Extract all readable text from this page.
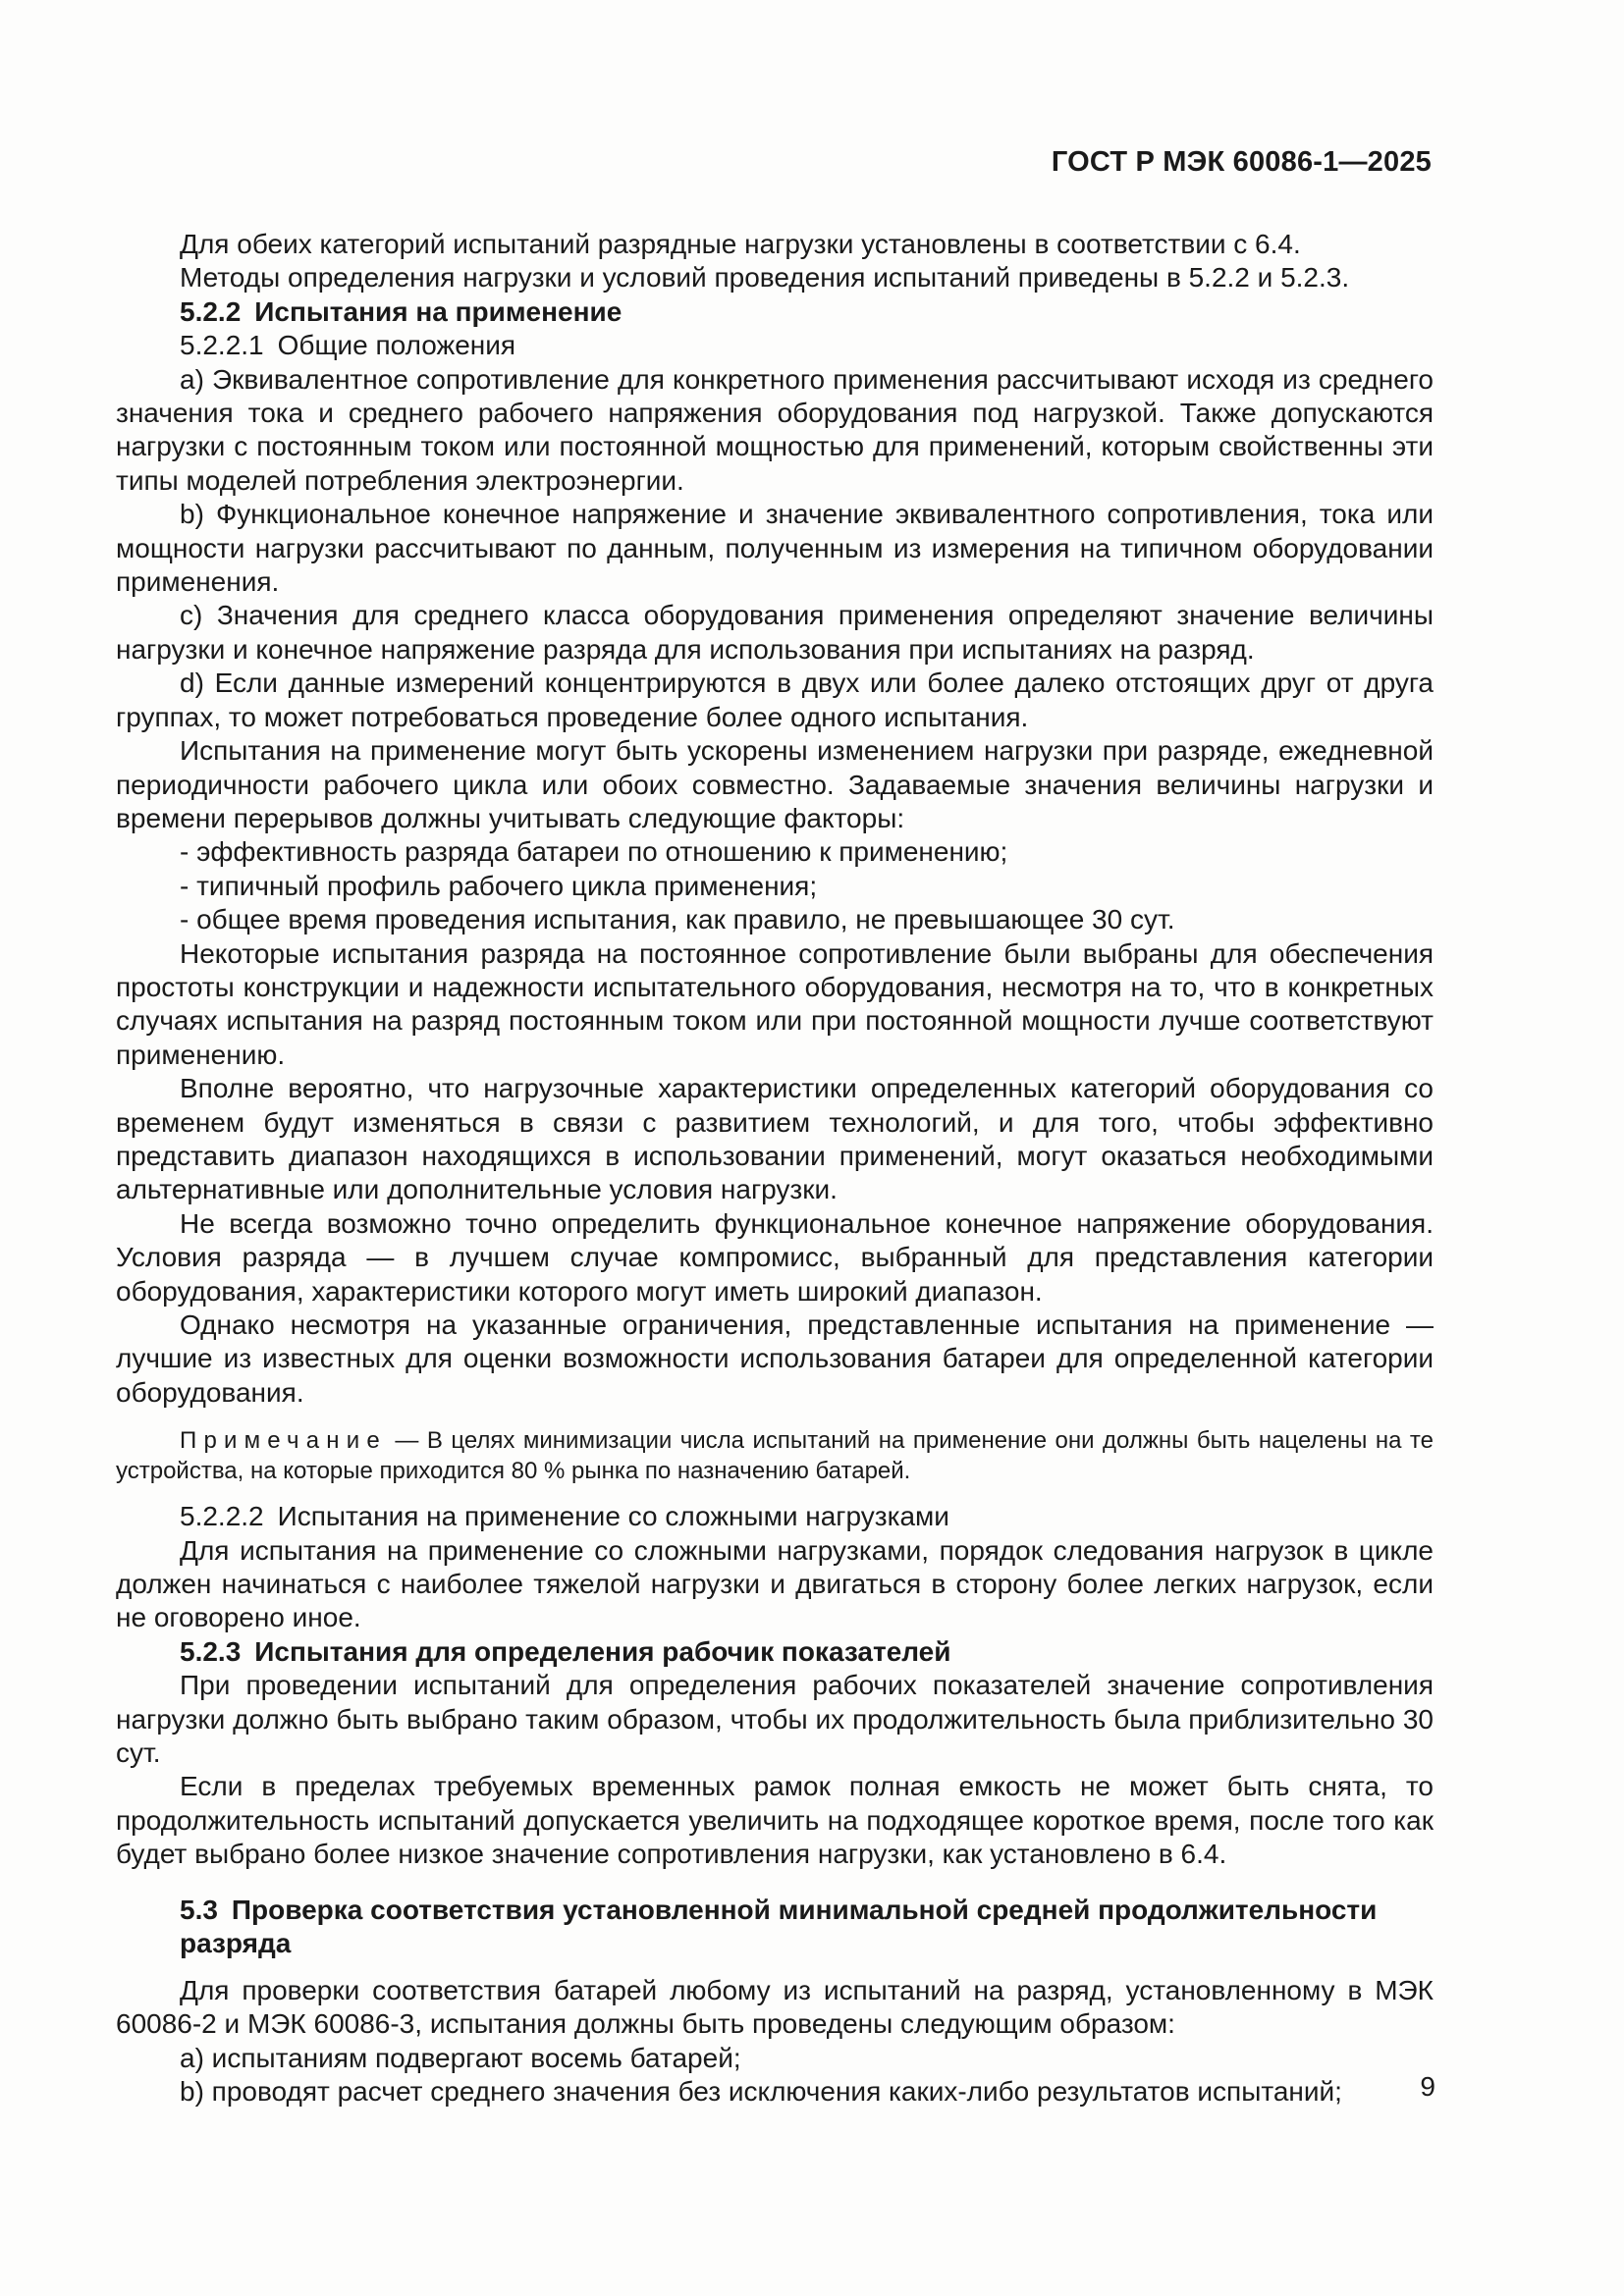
ГОСТ Р МЭК 60086-1—2025

Для обеих категорий испытаний разрядные нагрузки установлены в соответствии с 6.4.

Методы определения нагрузки и условий проведения испытаний приведены в 5.2.2 и 5.2.3.

5.2.2 Испытания на применение

5.2.2.1 Общие положения

a) Эквивалентное сопротивление для конкретного применения рассчитывают исходя из среднего значения тока и среднего рабочего напряжения оборудования под нагрузкой. Также допускаются нагрузки с постоянным током или постоянной мощностью для применений, которым свойственны эти типы моделей потребления электроэнергии.

b) Функциональное конечное напряжение и значение эквивалентного сопротивления, тока или мощности нагрузки рассчитывают по данным, полученным из измерения на типичном оборудовании применения.

c) Значения для среднего класса оборудования применения определяют значение величины нагрузки и конечное напряжение разряда для использования при испытаниях на разряд.

d) Если данные измерений концентрируются в двух или более далеко отстоящих друг от друга группах, то может потребоваться проведение более одного испытания.

Испытания на применение могут быть ускорены изменением нагрузки при разряде, ежедневной периодичности рабочего цикла или обоих совместно. Задаваемые значения величины нагрузки и времени перерывов должны учитывать следующие факторы:

- эффективность разряда батареи по отношению к применению;

- типичный профиль рабочего цикла применения;

- общее время проведения испытания, как правило, не превышающее 30 сут.

Некоторые испытания разряда на постоянное сопротивление были выбраны для обеспечения простоты конструкции и надежности испытательного оборудования, несмотря на то, что в конкретных случаях испытания на разряд постоянным током или при постоянной мощности лучше соответствуют применению.

Вполне вероятно, что нагрузочные характеристики определенных категорий оборудования со временем будут изменяться в связи с развитием технологий, и для того, чтобы эффективно представить диапазон находящихся в использовании применений, могут оказаться необходимыми альтернативные или дополнительные условия нагрузки.

Не всегда возможно точно определить функциональное конечное напряжение оборудования. Условия разряда — в лучшем случае компромисс, выбранный для представления категории оборудования, характеристики которого могут иметь широкий диапазон.

Однако несмотря на указанные ограничения, представленные испытания на применение — лучшие из известных для оценки возможности использования батареи для определенной категории оборудования.

Примечание — В целях минимизации числа испытаний на применение они должны быть нацелены на те устройства, на которые приходится 80 % рынка по назначению батарей.

5.2.2.2 Испытания на применение со сложными нагрузками

Для испытания на применение со сложными нагрузками, порядок следования нагрузок в цикле должен начинаться с наиболее тяжелой нагрузки и двигаться в сторону более легких нагрузок, если не оговорено иное.

5.2.3 Испытания для определения рабочик показателей

При проведении испытаний для определения рабочих показателей значение сопротивления нагрузки должно быть выбрано таким образом, чтобы их продолжительность была приблизительно 30 сут.

Если в пределах требуемых временных рамок полная емкость не может быть снята, то продолжительность испытаний допускается увеличить на подходящее короткое время, после того как будет выбрано более низкое значение сопротивления нагрузки, как установлено в 6.4.

5.3 Проверка соответствия установленной минимальной средней продолжительности разряда

Для проверки соответствия батарей любому из испытаний на разряд, установленному в МЭК 60086-2 и МЭК 60086-3, испытания должны быть проведены следующим образом:

a) испытаниям подвергают восемь батарей;

b) проводят расчет среднего значения без исключения каких-либо результатов испытаний;	9
